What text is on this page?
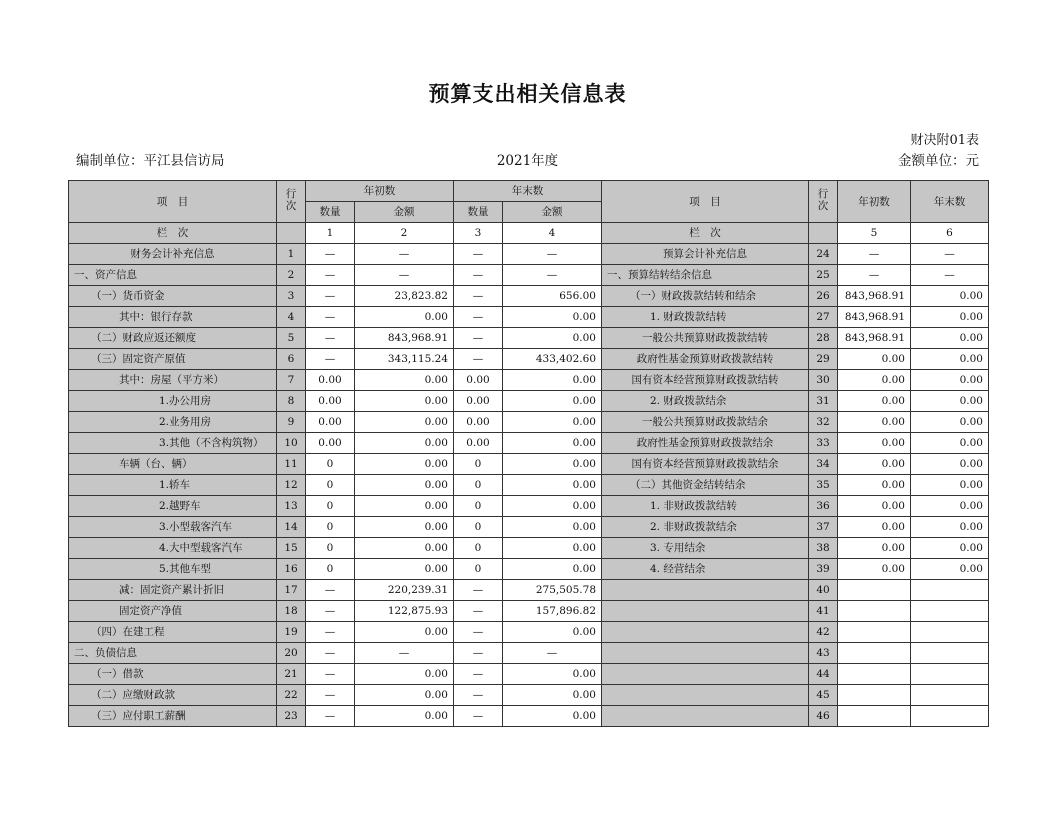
预算支出相关信息表
财决附01表
编制单位：平江县信访局	2021年度	金额单位：元
项　目	行次	年初数		年末数		项　目	行次	年初数	年末数
		数量	金额	数量	金额				
栏　次		1	2	3	4	栏　次		5	6
财务会计补充信息	1	—	—	—	—	预算会计补充信息	24	—	—
一、资产信息	2	—	—	—	—	一、预算结转结余信息	25	—	—
（一）货币资金	3	—	23,823.82	—	656.00	（一）财政拨款结转和结余	26	843,968.91	0.00
其中：银行存款	4	—	0.00	—	0.00	1. 财政拨款结转	27	843,968.91	0.00
（二）财政应返还额度	5	—	843,968.91	—	0.00	一般公共预算财政拨款结转	28	843,968.91	0.00
（三）固定资产原值	6	—	343,115.24	—	433,402.60	政府性基金预算财政拨款结转	29	0.00	0.00
其中：房屋（平方米）	7	0.00	0.00	0.00	0.00	国有资本经营预算财政拨款结转	30	0.00	0.00
1.办公用房	8	0.00	0.00	0.00	0.00	2. 财政拨款结余	31	0.00	0.00
2.业务用房	9	0.00	0.00	0.00	0.00	一般公共预算财政拨款结余	32	0.00	0.00
3.其他（不含构筑物）	10	0.00	0.00	0.00	0.00	政府性基金预算财政拨款结余	33	0.00	0.00
车辆（台、辆）	11	0	0.00	0	0.00	国有资本经营预算财政拨款结余	34	0.00	0.00
1.轿车	12	0	0.00	0	0.00	（二）其他资金结转结余	35	0.00	0.00
2.越野车	13	0	0.00	0	0.00	1. 非财政拨款结转	36	0.00	0.00
3.小型载客汽车	14	0	0.00	0	0.00	2. 非财政拨款结余	37	0.00	0.00
4.大中型载客汽车	15	0	0.00	0	0.00	3. 专用结余	38	0.00	0.00
5.其他车型	16	0	0.00	0	0.00	4. 经营结余	39	0.00	0.00
减：固定资产累计折旧	17	—	220,239.31	—	275,505.78		40		
固定资产净值	18	—	122,875.93	—	157,896.82		41		
（四）在建工程	19	—	0.00	—	0.00		42		
二、负债信息	20	—	—	—	—		43		
（一）借款	21	—	0.00	—	0.00		44		
（二）应缴财政款	22	—	0.00	—	0.00		45		
（三）应付职工薪酬	23	—	0.00	—	0.00		46		
